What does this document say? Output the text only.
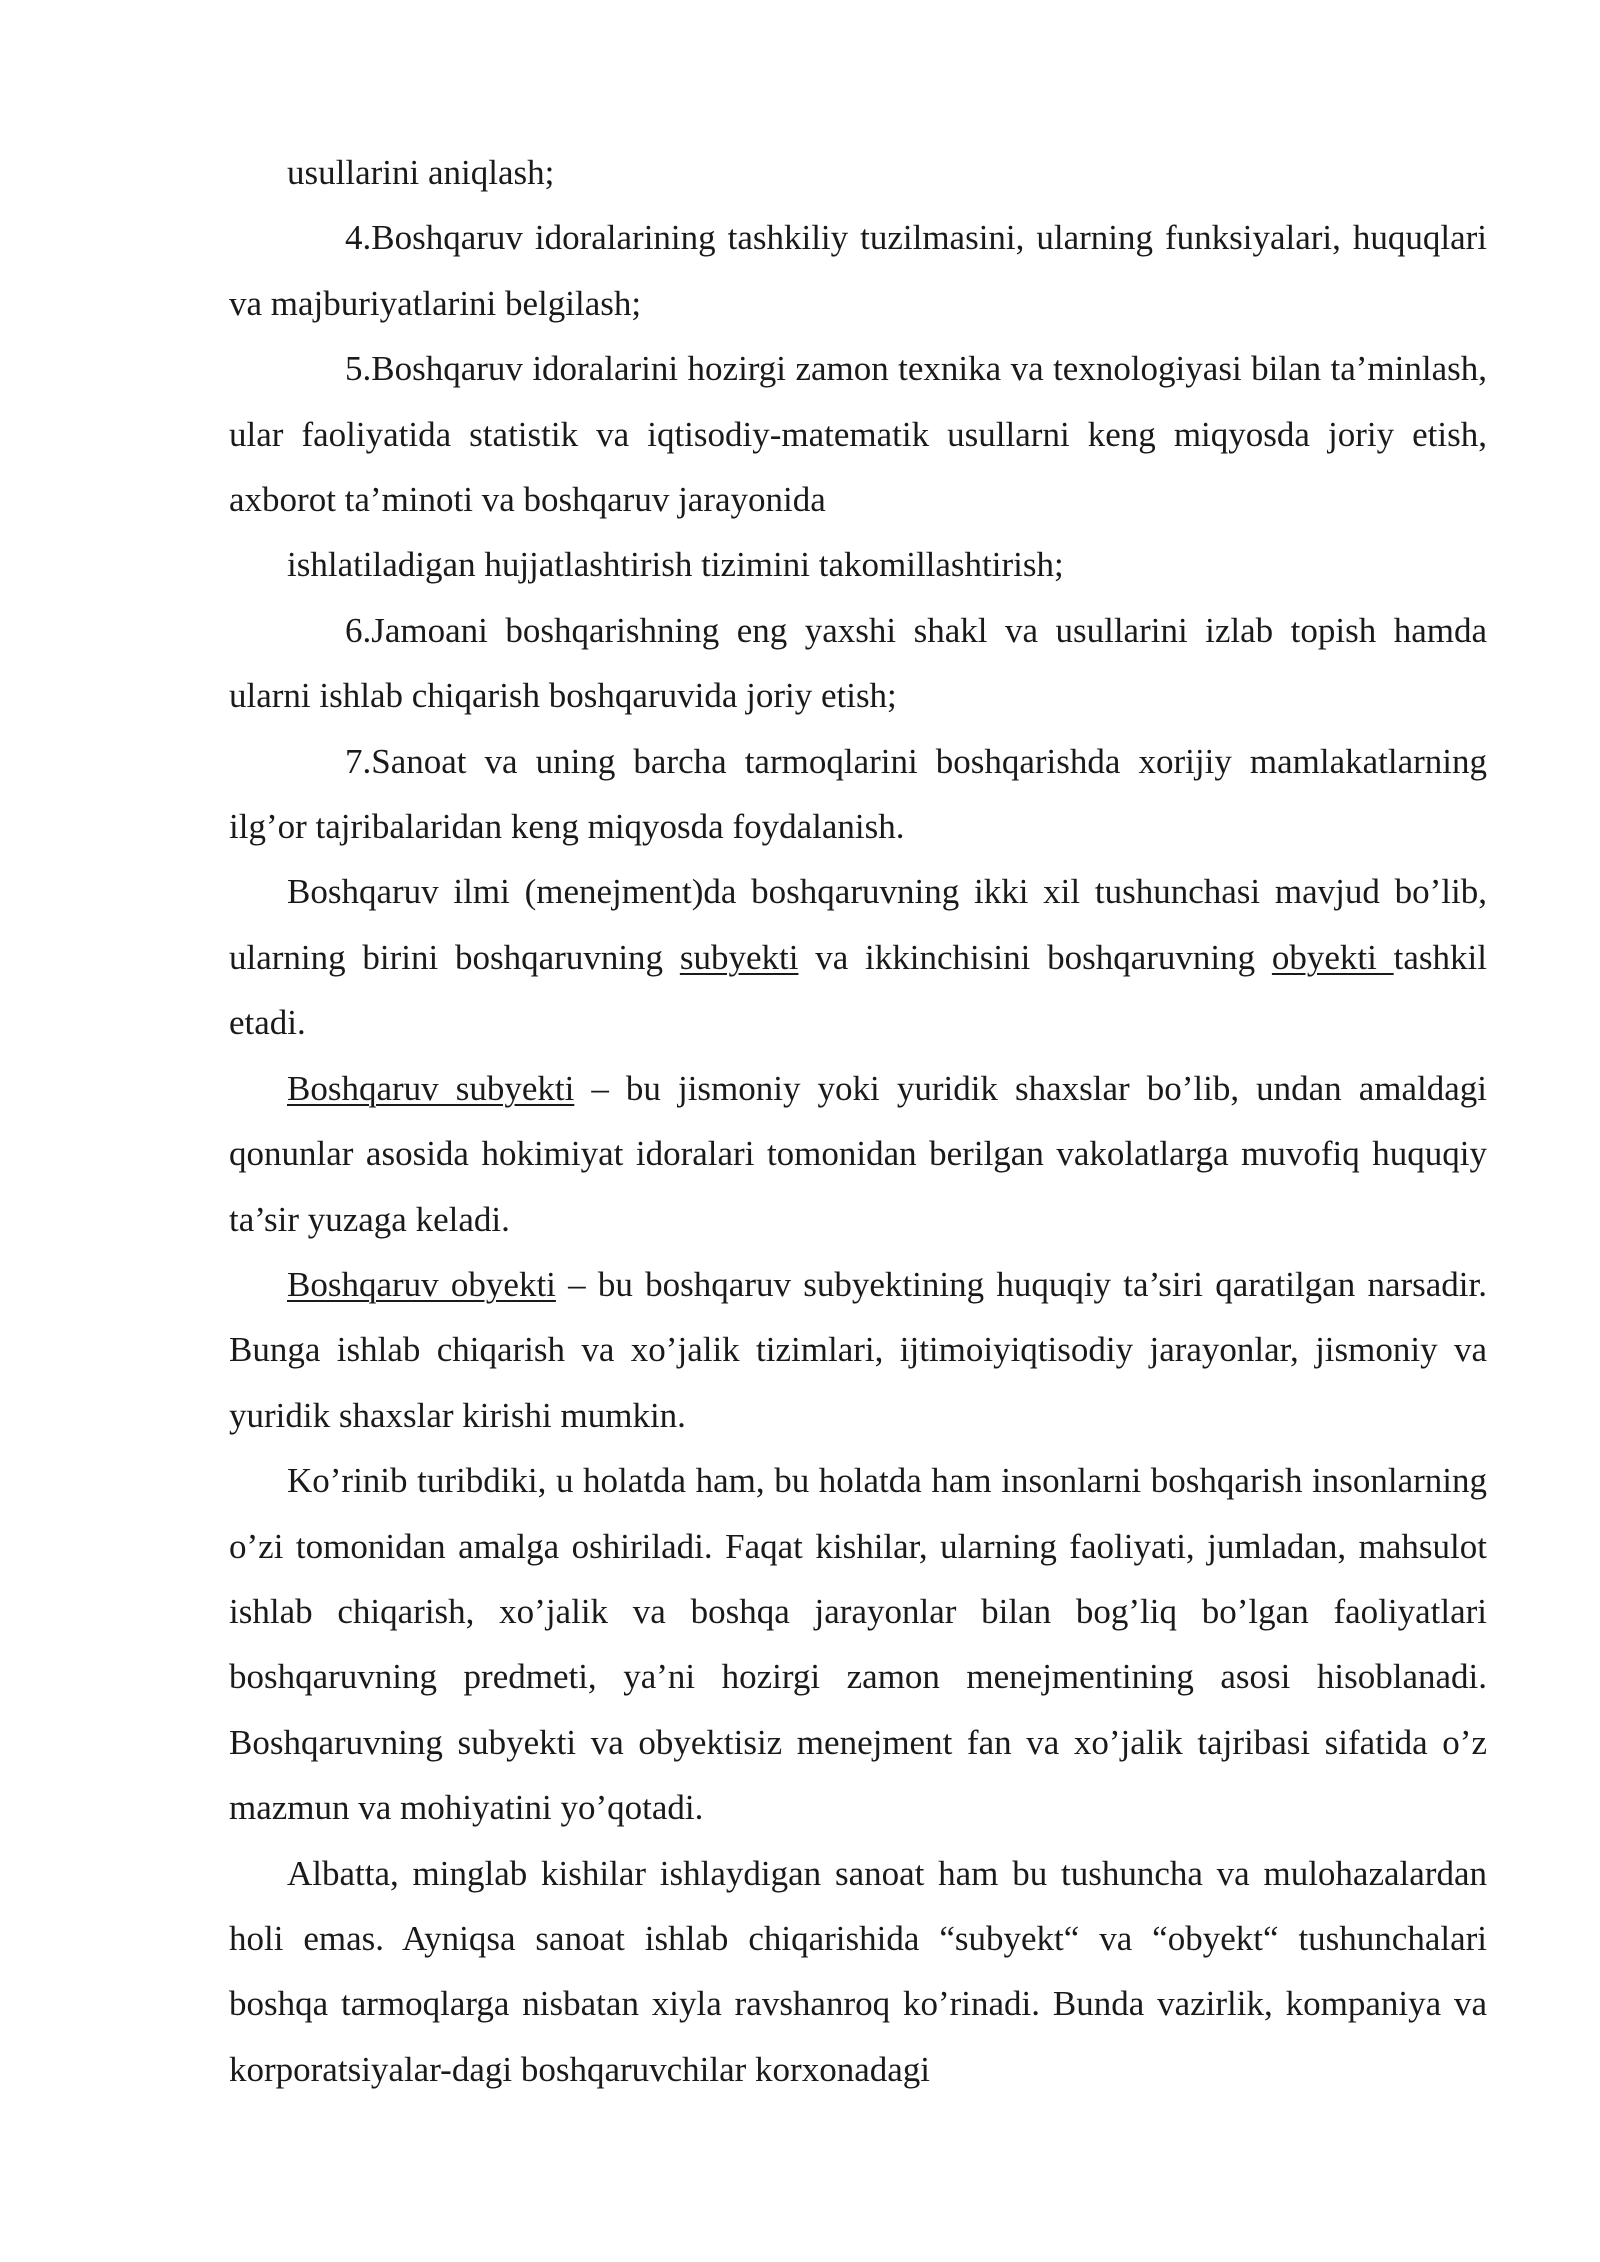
usullarini aniqlash;

4.Boshqaruv idoralarining tashkiliy tuzilmasini, ularning funksiyalari, huquqlari va majburiyatlarini belgilash;

5.Boshqaruv idoralarini hozirgi zamon texnika va texnologiyasi bilan ta’minlash, ular faoliyatida statistik va iqtisodiy-matematik usullarni keng miqyosda joriy etish, axborot ta’minoti va boshqaruv jarayonida

ishlatiladigan hujjatlashtirish tizimini takomillashtirish;

6.Jamoani boshqarishning eng yaxshi shakl va usullarini izlab topish hamda ularni ishlab chiqarish boshqaruvida joriy etish;

7.Sanoat va uning barcha tarmoqlarini boshqarishda xorijiy mamlakatlarning ilg’or tajribalaridan keng miqyosda foydalanish.

Boshqaruv ilmi (menejment)da boshqaruvning ikki xil tushunchasi mavjud bo’lib, ularning birini boshqaruvning subyekti va ikkinchisini boshqaruvning obyekti tashkil etadi.

Boshqaruv subyekti – bu jismoniy yoki yuridik shaxslar bo’lib, undan amaldagi qonunlar asosida hokimiyat idoralari tomonidan berilgan vakolatlarga muvofiq huquqiy ta’sir yuzaga keladi.

Boshqaruv obyekti – bu boshqaruv subyektining huquqiy ta’siri qaratilgan narsadir. Bunga ishlab chiqarish va xo’jalik tizimlari, ijtimoiyiqtisodiy jarayonlar, jismoniy va yuridik shaxslar kirishi mumkin.

Ko’rinib turibdiki, u holatda ham, bu holatda ham insonlarni boshqarish insonlarning o’zi tomonidan amalga oshiriladi. Faqat kishilar, ularning faoliyati, jumladan, mahsulot ishlab chiqarish, xo’jalik va boshqa jarayonlar bilan bog’liq bo’lgan faoliyatlari boshqaruvning predmeti, ya’ni hozirgi zamon menejmentining asosi hisoblanadi. Boshqaruvning subyekti va obyektisiz menejment fan va xo’jalik tajribasi sifatida o’z mazmun va mohiyatini yo’qotadi.

Albatta, minglab kishilar ishlaydigan sanoat ham bu tushuncha va mulohazalardan holi emas. Ayniqsa sanoat ishlab chiqarishida “subyekt“ va “obyekt“ tushunchalari boshqa tarmoqlarga nisbatan xiyla ravshanroq ko’rinadi. Bunda vazirlik, kompaniya va korporatsiyalar-dagi boshqaruvchilar korxonadagi
